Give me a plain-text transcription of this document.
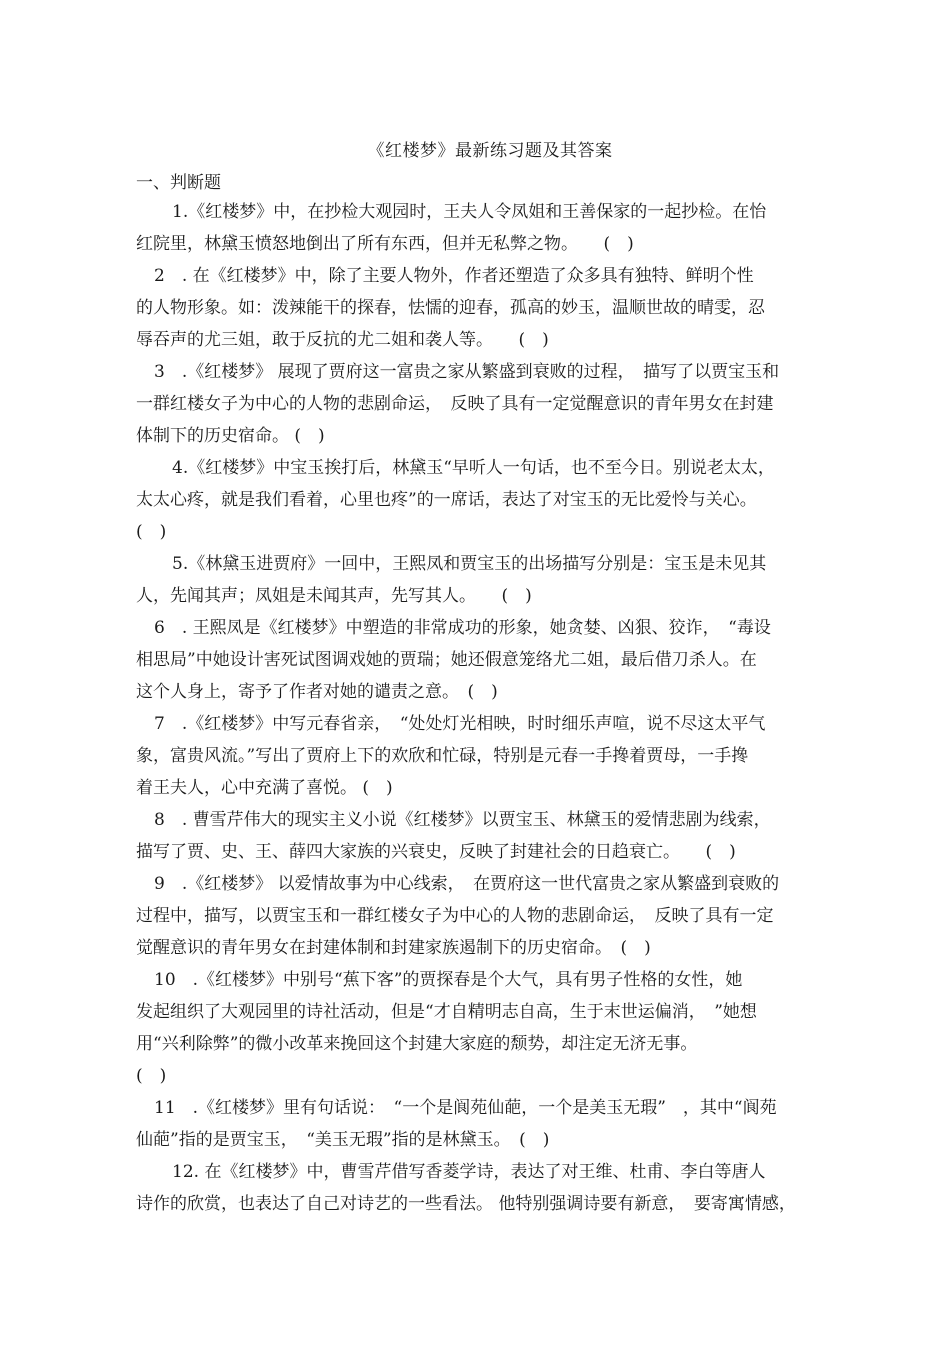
《红楼梦》最新练习题及其答案
一、判断题

1.《红楼梦》中，在抄检大观园时，王夫人令凤姐和王善保家的一起抄检。在怡
红院里，林黛玉愤怒地倒出了所有东西，但并无私弊之物。　　(　)

2　. 在《红楼梦》中，除了主要人物外，作者还塑造了众多具有独特、鲜明个性
的人物形象。如：泼辣能干的探春，怯懦的迎春，孤高的妙玉，温顺世故的晴雯，忍
辱吞声的尤三姐，敢于反抗的尤二姐和袭人等。　　(　)

3　.《红楼梦》 展现了贾府这一富贵之家从繁盛到衰败的过程，　描写了以贾宝玉和
一群红楼女子为中心的人物的悲剧命运，　反映了具有一定觉醒意识的青年男女在封建
体制下的历史宿命。 (　)

4.《红楼梦》中宝玉挨打后，林黛玉“早听人一句话，也不至今日。别说老太太，
太太心疼，就是我们看着，心里也疼”的一席话，表达了对宝玉的无比爱怜与关心。
(　)

5.《林黛玉进贾府》一回中，王熙凤和贾宝玉的出场描写分别是：宝玉是未见其
人，先闻其声；凤姐是未闻其声，先写其人。　　(　)

6　. 王熙凤是《红楼梦》中塑造的非常成功的形象，她贪婪、凶狠、狡诈，　“毒设
相思局”中她设计害死试图调戏她的贾瑞；她还假意笼络尤二姐，最后借刀杀人。在
这个人身上，寄予了作者对她的谴责之意。　(　)

7　.《红楼梦》中写元春省亲，　“处处灯光相映，时时细乐声喧，说不尽这太平气
象，富贵风流。”写出了贾府上下的欢欣和忙碌，特别是元春一手搀着贾母，一手搀
着王夫人，心中充满了喜悦。 (　)

8　. 曹雪芹伟大的现实主义小说《红楼梦》以贾宝玉、林黛玉的爱情悲剧为线索，
描写了贾、史、王、薛四大家族的兴衰史，反映了封建社会的日趋衰亡。　　(　)

9　.《红楼梦》 以爱情故事为中心线索，　在贾府这一世代富贵之家从繁盛到衰败的
过程中，描写，以贾宝玉和一群红楼女子为中心的人物的悲剧命运，　反映了具有一定
觉醒意识的青年男女在封建体制和封建家族遏制下的历史宿命。　(　)

10　.《红楼梦》中别号“蕉下客”的贾探春是个大气，具有男子性格的女性，她
发起组织了大观园里的诗社活动，但是“才自精明志自高，生于末世运偏消，　”她想
用“兴利除弊”的微小改革来挽回这个封建大家庭的颓势，却注定无济无事。
(　)

11　.《红楼梦》里有句话说：　“一个是阆苑仙葩，一个是美玉无瑕”　，其中“阆苑
仙葩”指的是贾宝玉，　“美玉无瑕”指的是林黛玉。　(　)

12. 在《红楼梦》中，曹雪芹借写香菱学诗，表达了对王维、杜甫、李白等唐人
诗作的欣赏，也表达了自己对诗艺的一些看法。 他特别强调诗要有新意，　要寄寓情感，
